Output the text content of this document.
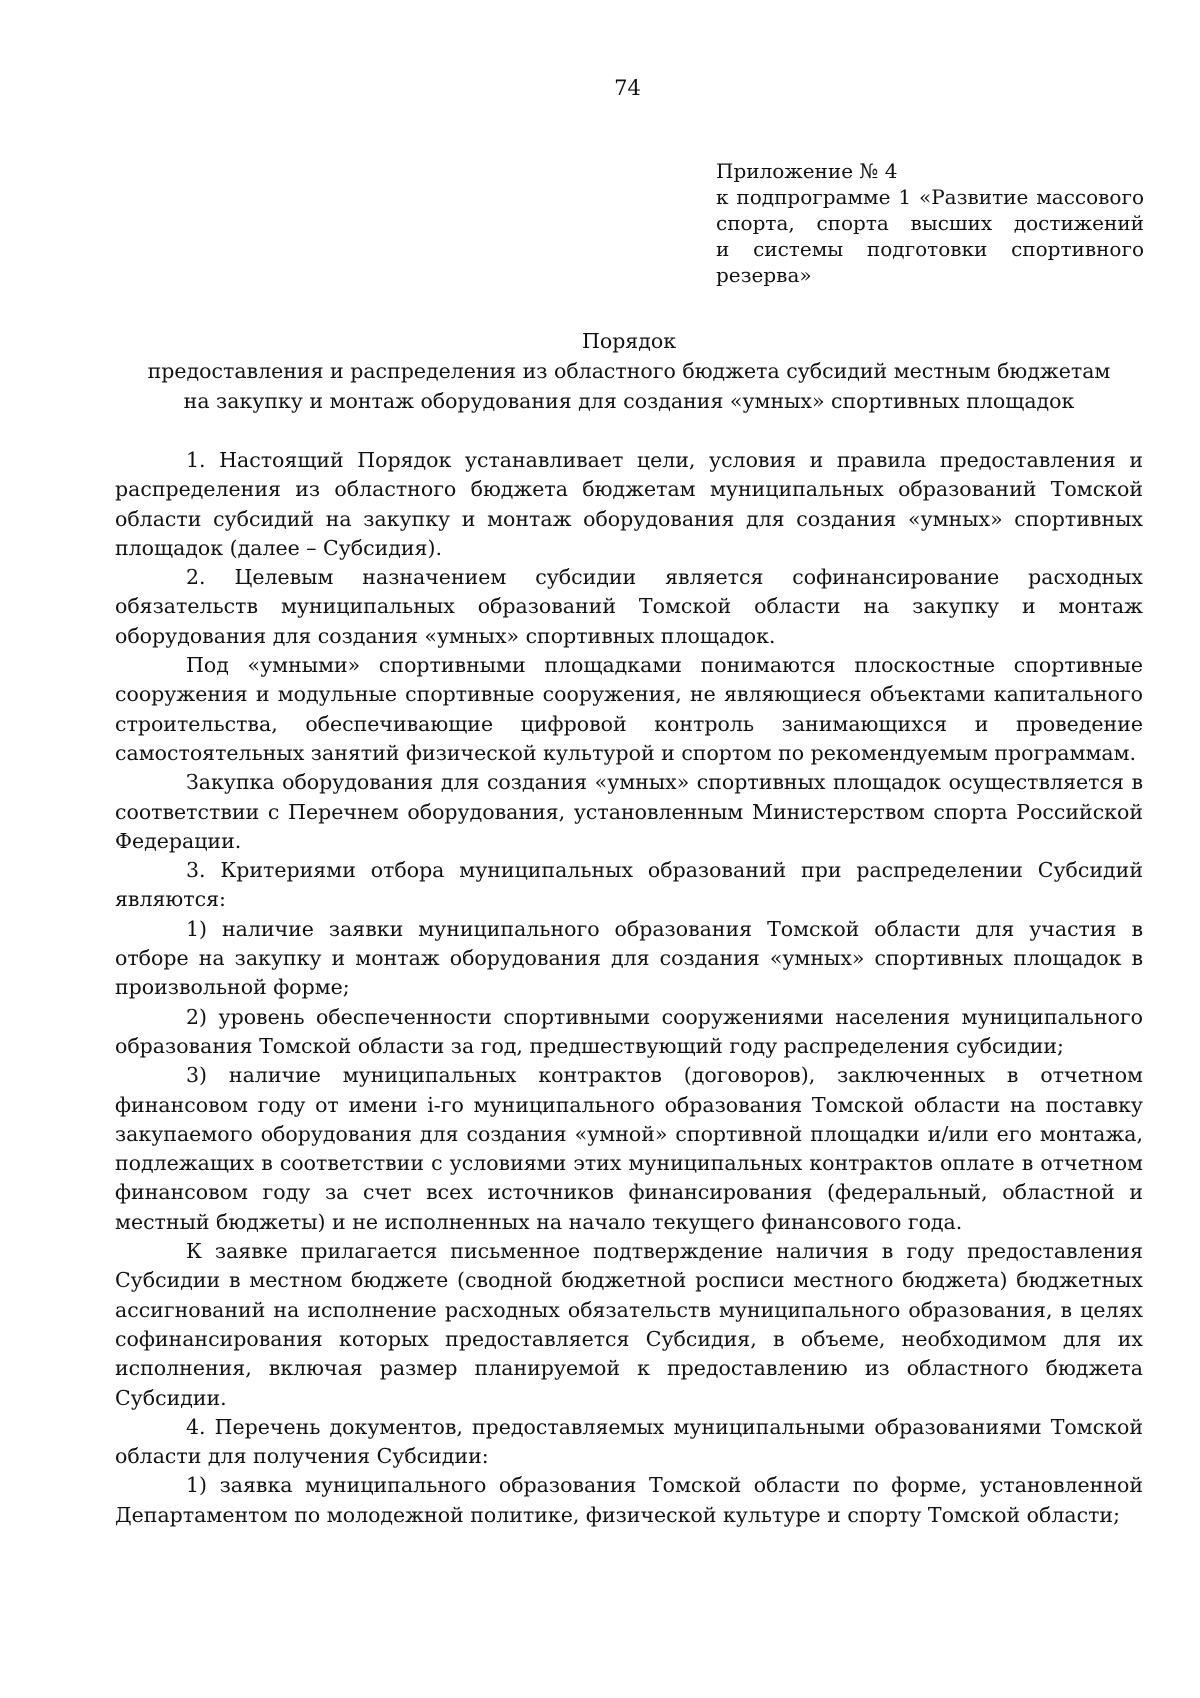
74
Приложение № 4
к подпрограмме 1 «Развитие массового
спорта, спорта высших достижений
и системы подготовки спортивного
резерва»
Порядок
предоставления и распределения из областного бюджета субсидий местным бюджетам
на закупку и монтаж оборудования для создания «умных» спортивных площадок

1. Настоящий Порядок устанавливает цели, условия и правила предоставления и распределения из областного бюджета бюджетам муниципальных образований Томской области субсидий на закупку и монтаж оборудования для создания «умных» спортивных площадок (далее – Субсидия).

2. Целевым назначением субсидии является софинансирование расходных обязательств муниципальных образований Томской области на закупку и монтаж оборудования для создания «умных» спортивных площадок.

Под «умными» спортивными площадками понимаются плоскостные спортивные сооружения и модульные спортивные сооружения, не являющиеся объектами капитального строительства, обеспечивающие цифровой контроль занимающихся и проведение самостоятельных занятий физической культурой и спортом по рекомендуемым программам.

Закупка оборудования для создания «умных» спортивных площадок осуществляется в соответствии с Перечнем оборудования, установленным Министерством спорта Российской Федерации.

3. Критериями отбора муниципальных образований при распределении Субсидий являются:

1) наличие заявки муниципального образования Томской области для участия в отборе на закупку и монтаж оборудования для создания «умных» спортивных площадок в произвольной форме;

2) уровень обеспеченности спортивными сооружениями населения муниципального образования Томской области за год, предшествующий году распределения субсидии;

3) наличие муниципальных контрактов (договоров), заключенных в отчетном финансовом году от имени i-го муниципального образования Томской области на поставку закупаемого оборудования для создания «умной» спортивной площадки и/или его монтажа, подлежащих в соответствии с условиями этих муниципальных контрактов оплате в отчетном финансовом году за счет всех источников финансирования (федеральный, областной и местный бюджеты) и не исполненных на начало текущего финансового года.

К заявке прилагается письменное подтверждение наличия в году предоставления Субсидии в местном бюджете (сводной бюджетной росписи местного бюджета) бюджетных ассигнований на исполнение расходных обязательств муниципального образования, в целях софинансирования которых предоставляется Субсидия, в объеме, необходимом для их исполнения, включая размер планируемой к предоставлению из областного бюджета Субсидии.

4. Перечень документов, предоставляемых муниципальными образованиями Томской области для получения Субсидии:

1) заявка муниципального образования Томской области по форме, установленной Департаментом по молодежной политике, физической культуре и спорту Томской области;
